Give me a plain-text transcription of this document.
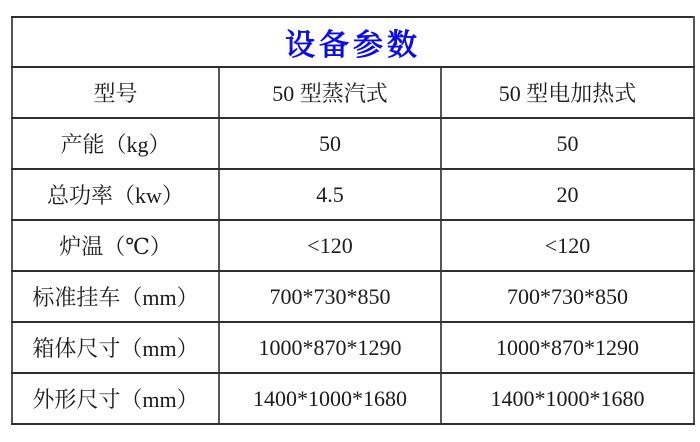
设备参数		
型号	50 型蒸汽式	50 型电加热式
产能（kg）	50	50
总功率（kw）	4.5	20
炉温（℃）	<120	<120
标准挂车（mm）	700*730*850	700*730*850
箱体尺寸（mm）	1000*870*1290	1000*870*1290
外形尺寸（mm）	1400*1000*1680	1400*1000*1680
